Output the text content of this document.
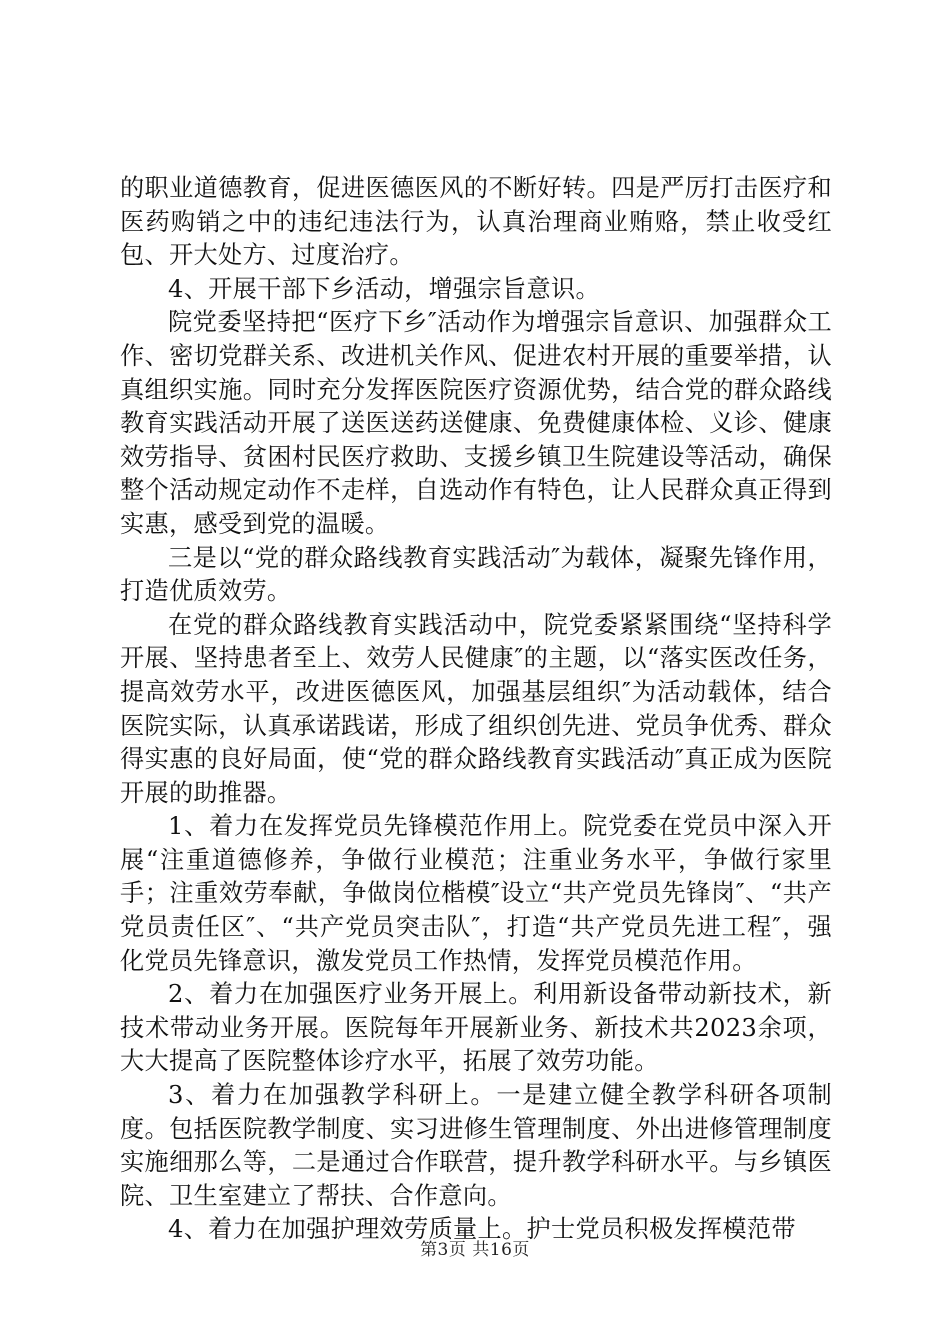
的职业道德教育，促进医德医风的不断好转。四是严厉打击医疗和医药购销之中的违纪违法行为，认真治理商业贿赂，禁止收受红包、开大处方、过度治疗。

4、开展干部下乡活动，增强宗旨意识。

院党委坚持把“医疗下乡″活动作为增强宗旨意识、加强群众工作、密切党群关系、改进机关作风、促进农村开展的重要举措，认真组织实施。同时充分发挥医院医疗资源优势，结合党的群众路线教育实践活动开展了送医送药送健康、免费健康体检、义诊、健康效劳指导、贫困村民医疗救助、支援乡镇卫生院建设等活动，确保整个活动规定动作不走样，自选动作有特色，让人民群众真正得到实惠，感受到党的温暖。

三是以“党的群众路线教育实践活动″为载体，凝聚先锋作用，打造优质效劳。

在党的群众路线教育实践活动中，院党委紧紧围绕“坚持科学开展、坚持患者至上、效劳人民健康″的主题，以“落实医改任务，提高效劳水平，改进医德医风，加强基层组织″为活动载体，结合医院实际，认真承诺践诺，形成了组织创先进、党员争优秀、群众得实惠的良好局面，使“党的群众路线教育实践活动″真正成为医院开展的助推器。

1、着力在发挥党员先锋模范作用上。院党委在党员中深入开展“注重道德修养，争做行业模范；注重业务水平，争做行家里手；注重效劳奉献，争做岗位楷模″设立“共产党员先锋岗″、“共产党员责任区″、“共产党员突击队″，打造“共产党员先进工程″，强化党员先锋意识，激发党员工作热情，发挥党员模范作用。

2、着力在加强医疗业务开展上。利用新设备带动新技术，新技术带动业务开展。医院每年开展新业务、新技术共2023余项，大大提高了医院整体诊疗水平，拓展了效劳功能。

3、着力在加强教学科研上。一是建立健全教学科研各项制度。包括医院教学制度、实习进修生管理制度、外出进修管理制度实施细那么等，二是通过合作联营，提升教学科研水平。与乡镇医院、卫生室建立了帮扶、合作意向。

4、着力在加强护理效劳质量上。护士党员积极发挥模范带

第3页 共16页
